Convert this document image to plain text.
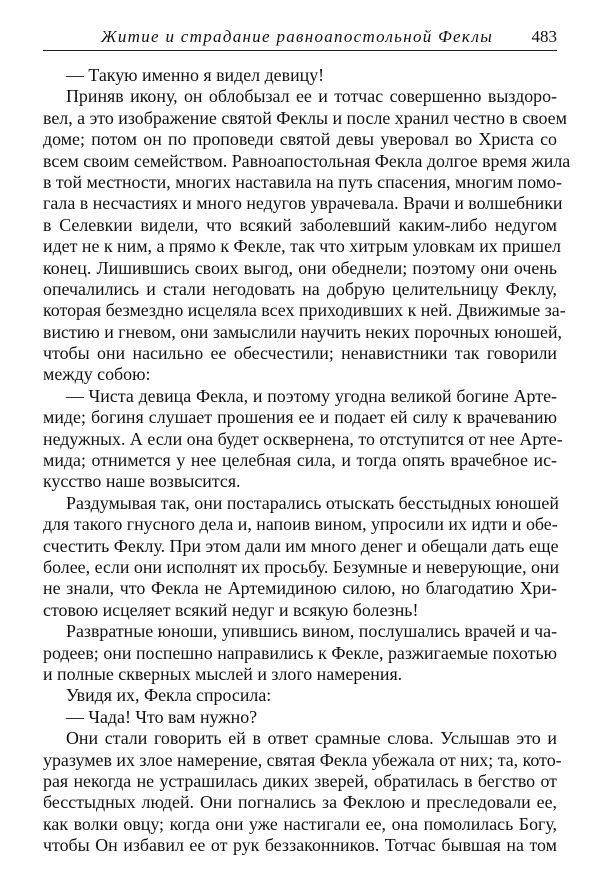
Житие и страдание равноапостольной Феклы 483
— Такую именно я видел девицу!
Приняв икону, он облобызал ее и тотчас совершенно выздоро-
вел, а это изображение святой Феклы и после хранил честно в своем
доме; потом он по проповеди святой девы уверовал во Христа со
всем своим семейством. Равноапостольная Фекла долгое время жила
в той местности, многих наставила на путь спасения, многим помо-
гала в несчастиях и много недугов уврачевала. Врачи и волшебники
в Селевкии видели, что всякий заболевший каким-либо недугом
идет не к ним, а прямо к Фекле, так что хитрым уловкам их пришел
конец. Лишившись своих выгод, они обеднели; поэтому они очень
опечалились и стали негодовать на добрую целительницу Феклу,
которая безмездно исцеляла всех приходивших к ней. Движимые за-
вистию и гневом, они замыслили научить неких порочных юношей,
чтобы они насильно ее обесчестили; ненавистники так говорили
между собою:
— Чиста девица Фекла, и поэтому угодна великой богине Арте-
миде; богиня слушает прошения ее и подает ей силу к врачеванию
недужных. А если она будет осквернена, то отступится от нее Арте-
мида; отнимется у нее целебная сила, и тогда опять врачебное ис-
кусство наше возвысится.
Раздумывая так, они постарались отыскать бесстыдных юношей
для такого гнусного дела и, напоив вином, упросили их идти и обе-
счестить Феклу. При этом дали им много денег и обещали дать еще
более, если они исполнят их просьбу. Безумные и неверующие, они
не знали, что Фекла не Артемидиною силою, но благодатию Хри-
стовою исцеляет всякий недуг и всякую болезнь!
Развратные юноши, упившись вином, послушались врачей и ча-
родеев; они поспешно направились к Фекле, разжигаемые похотью
и полные скверных мыслей и злого намерения.
Увидя их, Фекла спросила:
— Чада! Что вам нужно?
Они стали говорить ей в ответ срамные слова. Услышав это и
уразумев их злое намерение, святая Фекла убежала от них; та, кото-
рая некогда не устрашилась диких зверей, обратилась в бегство от
бесстыдных людей. Они погнались за Феклою и преследовали ее,
как волки овцу; когда они уже настигали ее, она помолилась Богу,
чтобы Он избавил ее от рук беззаконников. Тотчас бывшая на том
